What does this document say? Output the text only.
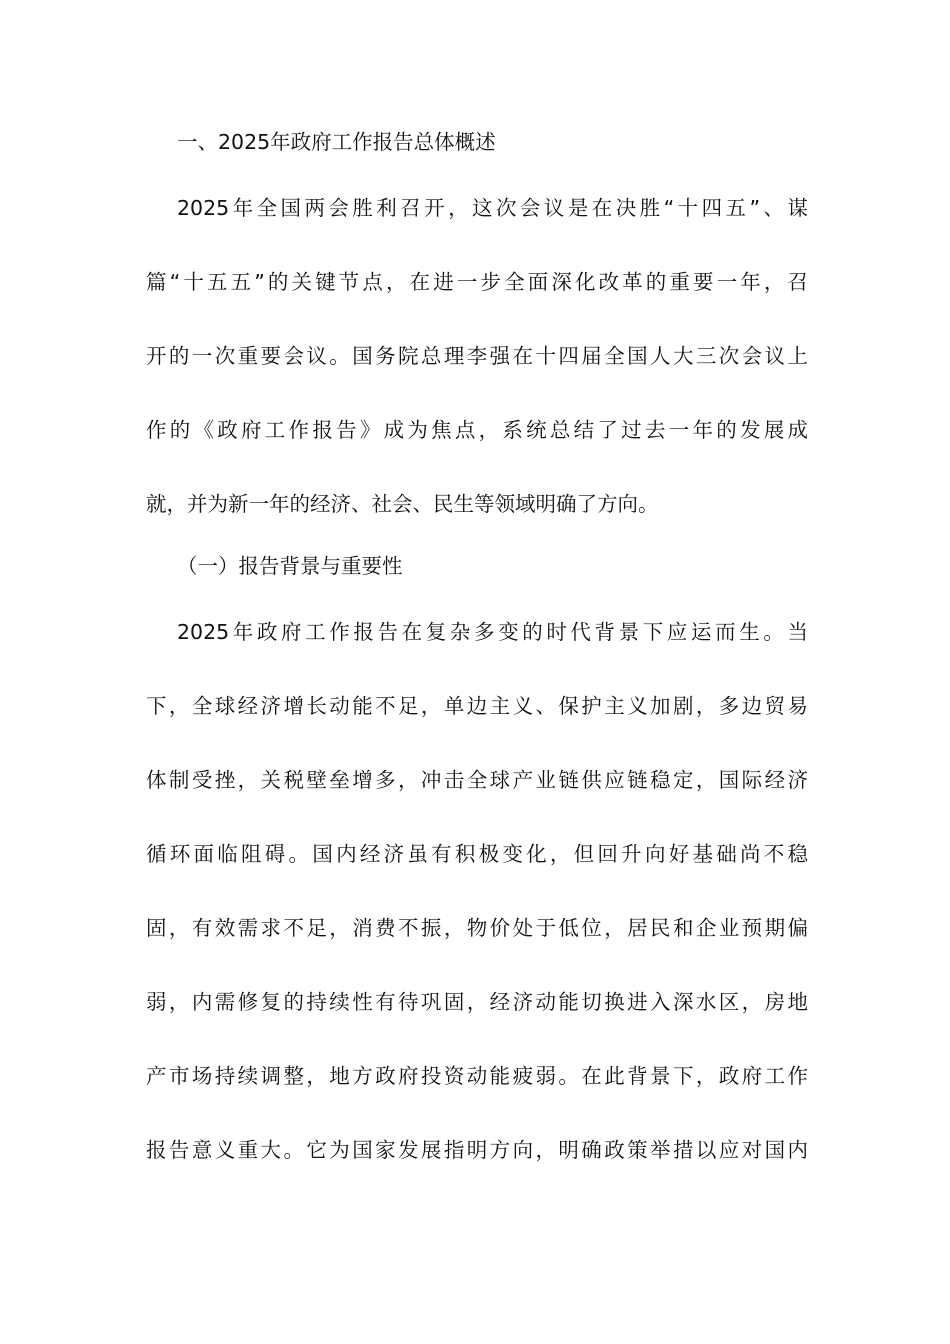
一、2025年政府工作报告总体概述
2025年全国两会胜利召开，这次会议是在决胜“十四五”、谋
篇“十五五”的关键节点，在进一步全面深化改革的重要一年，召
开的一次重要会议。国务院总理李强在十四届全国人大三次会议上
作的《政府工作报告》成为焦点，系统总结了过去一年的发展成
就，并为新一年的经济、社会、民生等领域明确了方向。
（一）报告背景与重要性
2025年政府工作报告在复杂多变的时代背景下应运而生。当
下，全球经济增长动能不足，单边主义、保护主义加剧，多边贸易
体制受挫，关税壁垒增多，冲击全球产业链供应链稳定，国际经济
循环面临阻碍。国内经济虽有积极变化，但回升向好基础尚不稳
固，有效需求不足，消费不振，物价处于低位，居民和企业预期偏
弱，内需修复的持续性有待巩固，经济动能切换进入深水区，房地
产市场持续调整，地方政府投资动能疲弱。在此背景下，政府工作
报告意义重大。它为国家发展指明方向，明确政策举措以应对国内
